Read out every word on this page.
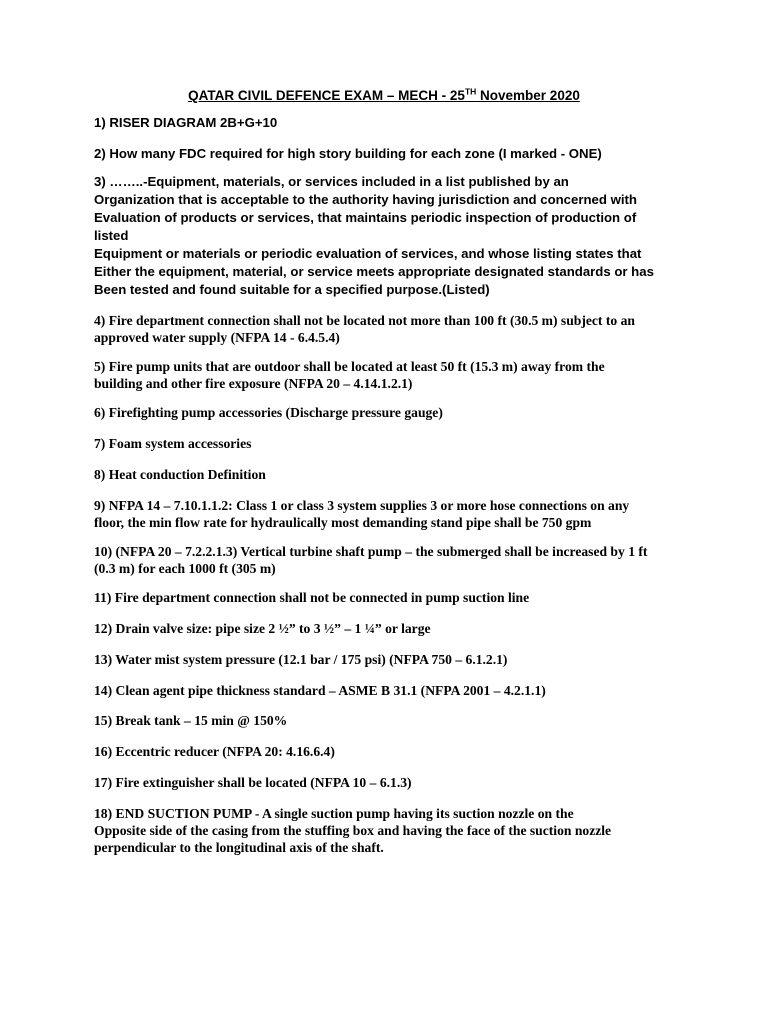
QATAR CIVIL DEFENCE EXAM – MECH - 25TH November 2020
1) RISER DIAGRAM 2B+G+10
2) How many FDC required for high story building for each zone (I marked - ONE)
3) ……..-Equipment, materials, or services included in a list published by an
Organization that is acceptable to the authority having jurisdiction and concerned with
Evaluation of products or services, that maintains periodic inspection of production of
listed
Equipment or materials or periodic evaluation of services, and whose listing states that
Either the equipment, material, or service meets appropriate designated standards or has
Been tested and found suitable for a specified purpose.(Listed)
4) Fire department connection shall not be located not more than 100 ft (30.5 m) subject to an
approved water supply (NFPA 14 - 6.4.5.4)
5) Fire pump units that are outdoor shall be located at least 50 ft (15.3 m) away from the
building and other fire exposure (NFPA 20 – 4.14.1.2.1)
6) Firefighting pump accessories (Discharge pressure gauge)
7) Foam system accessories
8) Heat conduction Definition
9) NFPA 14 – 7.10.1.1.2: Class 1 or class 3 system supplies 3 or more hose connections on any
floor, the min flow rate for hydraulically most demanding stand pipe shall be 750 gpm
10) (NFPA 20 – 7.2.2.1.3) Vertical turbine shaft pump – the submerged shall be increased by 1 ft
(0.3 m) for each 1000 ft (305 m)
11) Fire department connection shall not be connected in pump suction line
12) Drain valve size: pipe size 2 ½” to 3 ½” – 1 ¼” or large
13) Water mist system pressure (12.1 bar / 175 psi) (NFPA 750 – 6.1.2.1)
14) Clean agent pipe thickness standard – ASME B 31.1 (NFPA 2001 – 4.2.1.1)
15) Break tank – 15 min @ 150%
16) Eccentric reducer (NFPA 20: 4.16.6.4)
17) Fire extinguisher shall be located (NFPA 10 – 6.1.3)
18) END SUCTION PUMP - A single suction pump having its suction nozzle on the
Opposite side of the casing from the stuffing box and having the face of the suction nozzle
perpendicular to the longitudinal axis of the shaft.
